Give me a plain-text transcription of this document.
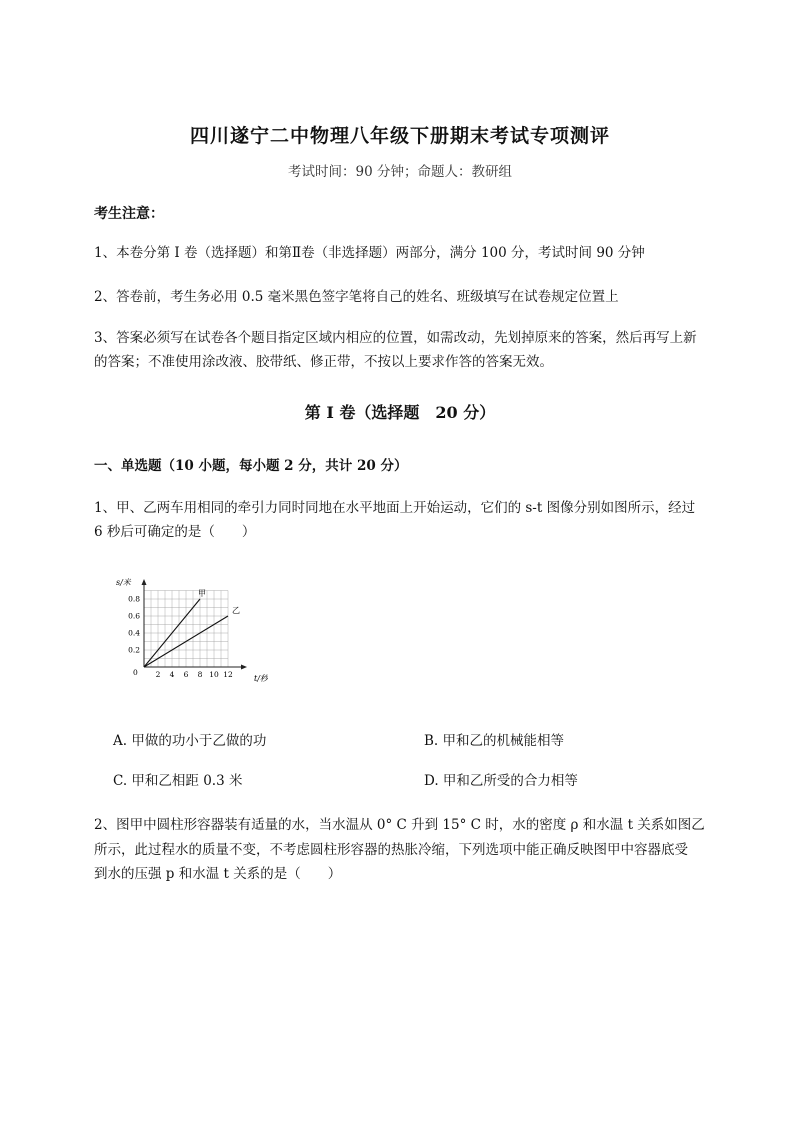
四川遂宁二中物理八年级下册期末考试专项测评
考试时间：90 分钟；命题人：教研组
考生注意：
1、本卷分第 I 卷（选择题）和第Ⅱ卷（非选择题）两部分，满分 100 分，考试时间 90 分钟
2、答卷前，考生务必用 0.5 毫米黑色签字笔将自己的姓名、班级填写在试卷规定位置上
3、答案必须写在试卷各个题目指定区域内相应的位置，如需改动，先划掉原来的答案，然后再写上新
的答案；不准使用涂改液、胶带纸、修正带，不按以上要求作答的答案无效。
第 I 卷（选择题　20 分）
一、单选题（10 小题，每小题 2 分，共计 20 分）
1、甲、乙两车用相同的牵引力同时同地在水平地面上开始运动，它们的 s-t 图像分别如图所示，经过
6 秒后可确定的是（　　）
2 4 6 8 10 12
0.2
0.4
0.6
0.8
甲
乙
s/米
t/秒
0
A. 甲做的功小于乙做的功	B. 甲和乙的机械能相等
C. 甲和乙相距 0.3 米	D. 甲和乙所受的合力相等
2、图甲中圆柱形容器装有适量的水，当水温从 0° C 升到 15° C 时，水的密度 ρ 和水温 t 关系如图乙
所示，此过程水的质量不变，不考虑圆柱形容器的热胀冷缩，下列选项中能正确反映图甲中容器底受
到水的压强 p 和水温 t 关系的是（　　）
